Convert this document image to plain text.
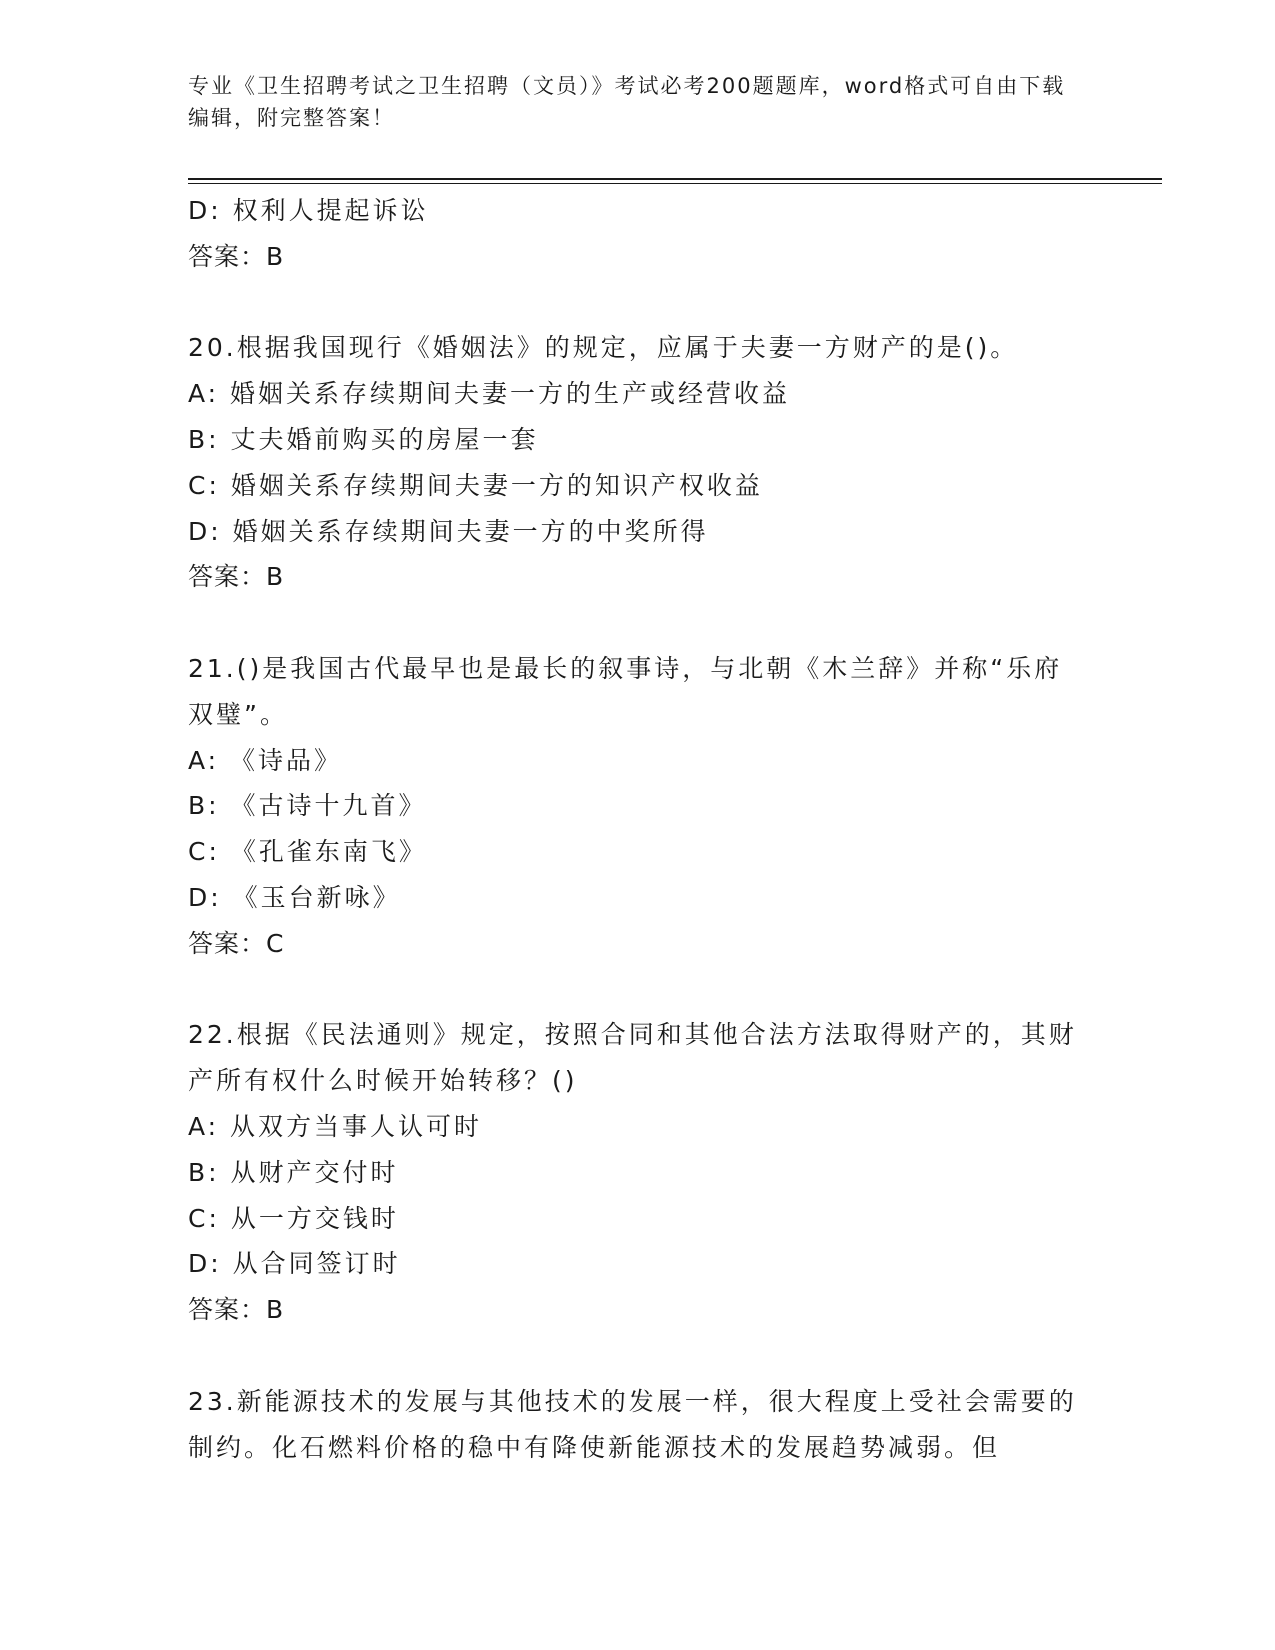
专业《卫生招聘考试之卫生招聘（文员）》考试必考200题题库，word格式可自由下载编辑，附完整答案！
D: 权利人提起诉讼
答案：B
20.根据我国现行《婚姻法》的规定，应属于夫妻一方财产的是()。
A: 婚姻关系存续期间夫妻一方的生产或经营收益
B: 丈夫婚前购买的房屋一套
C: 婚姻关系存续期间夫妻一方的知识产权收益
D: 婚姻关系存续期间夫妻一方的中奖所得
答案：B
21.()是我国古代最早也是最长的叙事诗，与北朝《木兰辞》并称“乐府双璧”。
A: 《诗品》
B: 《古诗十九首》
C: 《孔雀东南飞》
D: 《玉台新咏》
答案：C
22.根据《民法通则》规定，按照合同和其他合法方法取得财产的，其财产所有权什么时候开始转移？()
A: 从双方当事人认可时
B: 从财产交付时
C: 从一方交钱时
D: 从合同签订时
答案：B
23.新能源技术的发展与其他技术的发展一样，很大程度上受社会需要的制约。化石燃料价格的稳中有降使新能源技术的发展趋势减弱。但
